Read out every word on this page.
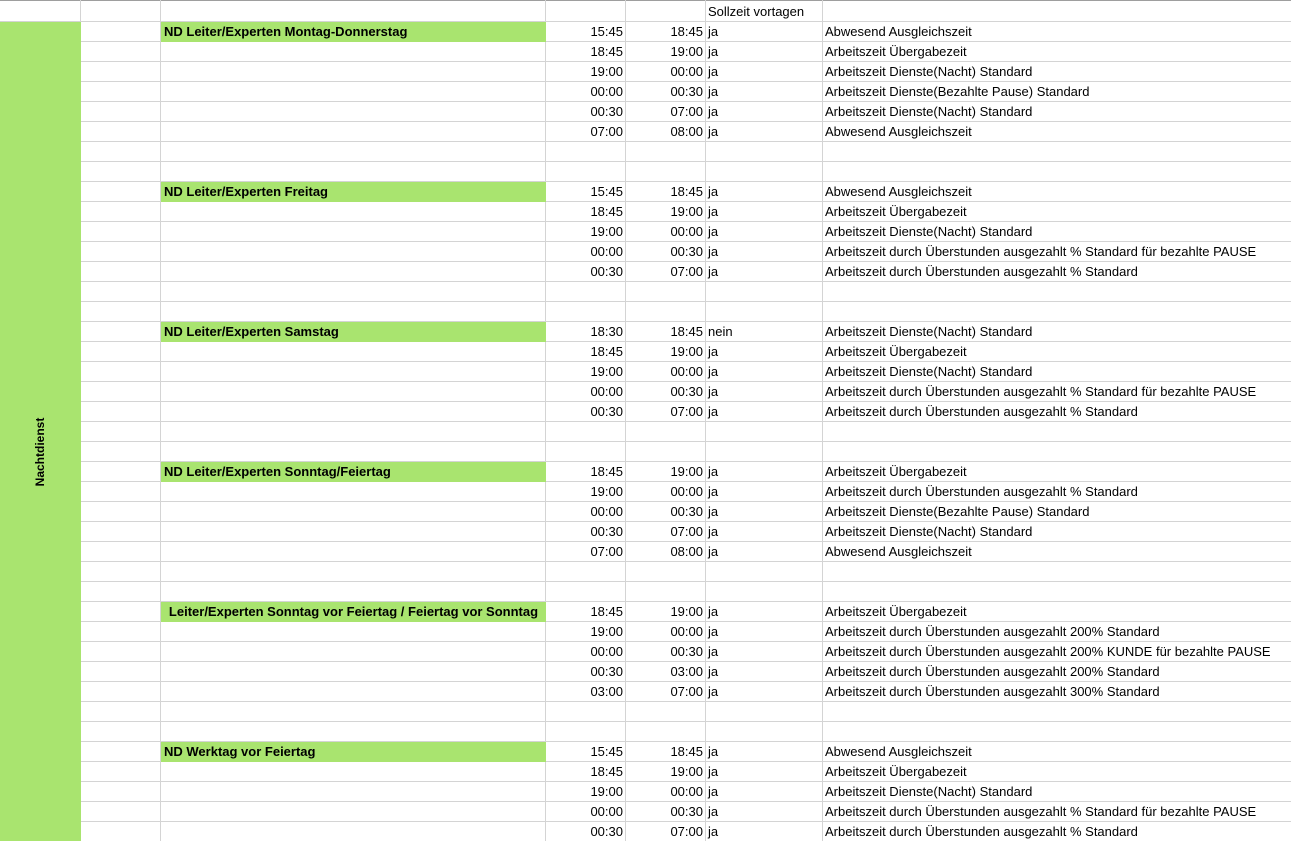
Sollzeit vortagen
ND Leiter/Experten Montag-Donnerstag	15:45	18:45 ja	Abwesend Ausgleichszeit
18:45	19:00 ja	Arbeitszeit Übergabezeit
19:00	00:00 ja	Arbeitszeit Dienste(Nacht) Standard
00:00	00:30 ja	Arbeitszeit Dienste(Bezahlte Pause) Standard
00:30	07:00 ja	Arbeitszeit Dienste(Nacht) Standard
07:00	08:00 ja	Abwesend Ausgleichszeit
ND Leiter/Experten Freitag	15:45	18:45 ja	Abwesend Ausgleichszeit
18:45	19:00 ja	Arbeitszeit Übergabezeit
19:00	00:00 ja	Arbeitszeit Dienste(Nacht) Standard
00:00	00:30 ja	Arbeitszeit durch Überstunden ausgezahlt % Standard für bezahlte PAUSE
00:30	07:00 ja	Arbeitszeit durch Überstunden ausgezahlt % Standard
ND Leiter/Experten Samstag	18:30	18:45 nein	Arbeitszeit Dienste(Nacht) Standard
18:45	19:00 ja	Arbeitszeit Übergabezeit
19:00	00:00 ja	Arbeitszeit Dienste(Nacht) Standard
00:00	00:30 ja	Arbeitszeit durch Überstunden ausgezahlt % Standard für bezahlte PAUSE
00:30	07:00 ja	Arbeitszeit durch Überstunden ausgezahlt % Standard
ND Leiter/Experten Sonntag/Feiertag	18:45	19:00 ja	Arbeitszeit Übergabezeit
19:00	00:00 ja	Arbeitszeit durch Überstunden ausgezahlt % Standard
00:00	00:30 ja	Arbeitszeit Dienste(Bezahlte Pause) Standard
00:30	07:00 ja	Arbeitszeit Dienste(Nacht) Standard
07:00	08:00 ja	Abwesend Ausgleichszeit
Leiter/Experten Sonntag vor Feiertag / Feiertag vor Sonntag	18:45	19:00 ja	Arbeitszeit Übergabezeit
19:00	00:00 ja	Arbeitszeit durch Überstunden ausgezahlt 200% Standard
00:00	00:30 ja	Arbeitszeit durch Überstunden ausgezahlt 200% KUNDE für bezahlte PAUSE
00:30	03:00 ja	Arbeitszeit durch Überstunden ausgezahlt 200% Standard
03:00	07:00 ja	Arbeitszeit durch Überstunden ausgezahlt 300% Standard
ND Werktag vor Feiertag	15:45	18:45 ja	Abwesend Ausgleichszeit
18:45	19:00 ja	Arbeitszeit Übergabezeit
19:00	00:00 ja	Arbeitszeit Dienste(Nacht) Standard
00:00	00:30 ja	Arbeitszeit durch Überstunden ausgezahlt % Standard für bezahlte PAUSE
00:30	07:00 ja	Arbeitszeit durch Überstunden ausgezahlt % Standard
Nachtdienst
